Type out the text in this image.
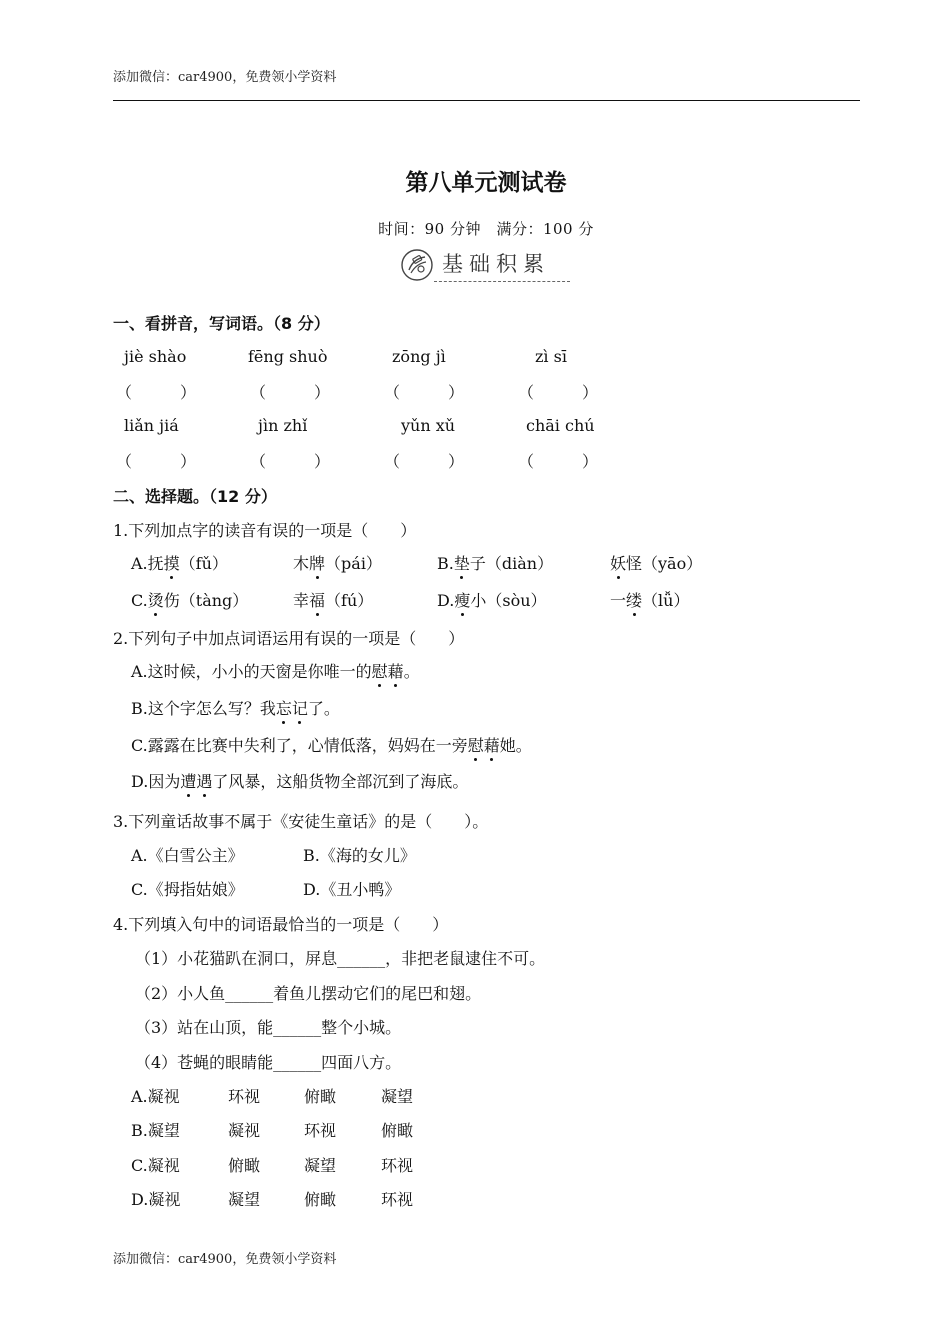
添加微信：car4900，免费领小学资料
第八单元测试卷
时间：90 分钟　满分：100 分
基础积累
一、看拼音，写词语。（8 分）
jiè shào	fēng shuò	zōng jì	zì sī
（　　　）	（　　　）	（　　　）	（　　　）
liǎn jiá	jìn zhǐ	yǔn xǔ	chāi chú
（　　　）	（　　　）	（　　　）	（　　　）
二、选择题。（12 分）
1.下列加点字的读音有误的一项是（　　）
A.抚摸（fǔ）	木牌（pái）	B.垫子（diàn）	妖怪（yāo）
C.烫伤（tàng）	幸福（fú）	D.瘦小（sòu）	一缕（lǚ）
2.下列句子中加点词语运用有误的一项是（　　）
A.这时候，小小的天窗是你唯一的慰藉。
B.这个字怎么写？我忘记了。
C.露露在比赛中失利了，心情低落，妈妈在一旁慰藉她。
D.因为遭遇了风暴，这船货物全部沉到了海底。
3.下列童话故事不属于《安徒生童话》的是（　　）。
A.《白雪公主》	B.《海的女儿》
C.《拇指姑娘》	D.《丑小鸭》
4.下列填入句中的词语最恰当的一项是（　　）
（1）小花猫趴在洞口，屏息______，非把老鼠逮住不可。
（2）小人鱼______着鱼儿摆动它们的尾巴和翅。
（3）站在山顶，能______整个小城。
（4）苍蝇的眼睛能______四面八方。
A.凝视	环视	俯瞰	凝望
B.凝望	凝视	环视	俯瞰
C.凝视	俯瞰	凝望	环视
D.凝视	凝望	俯瞰	环视
添加微信：car4900，免费领小学资料
